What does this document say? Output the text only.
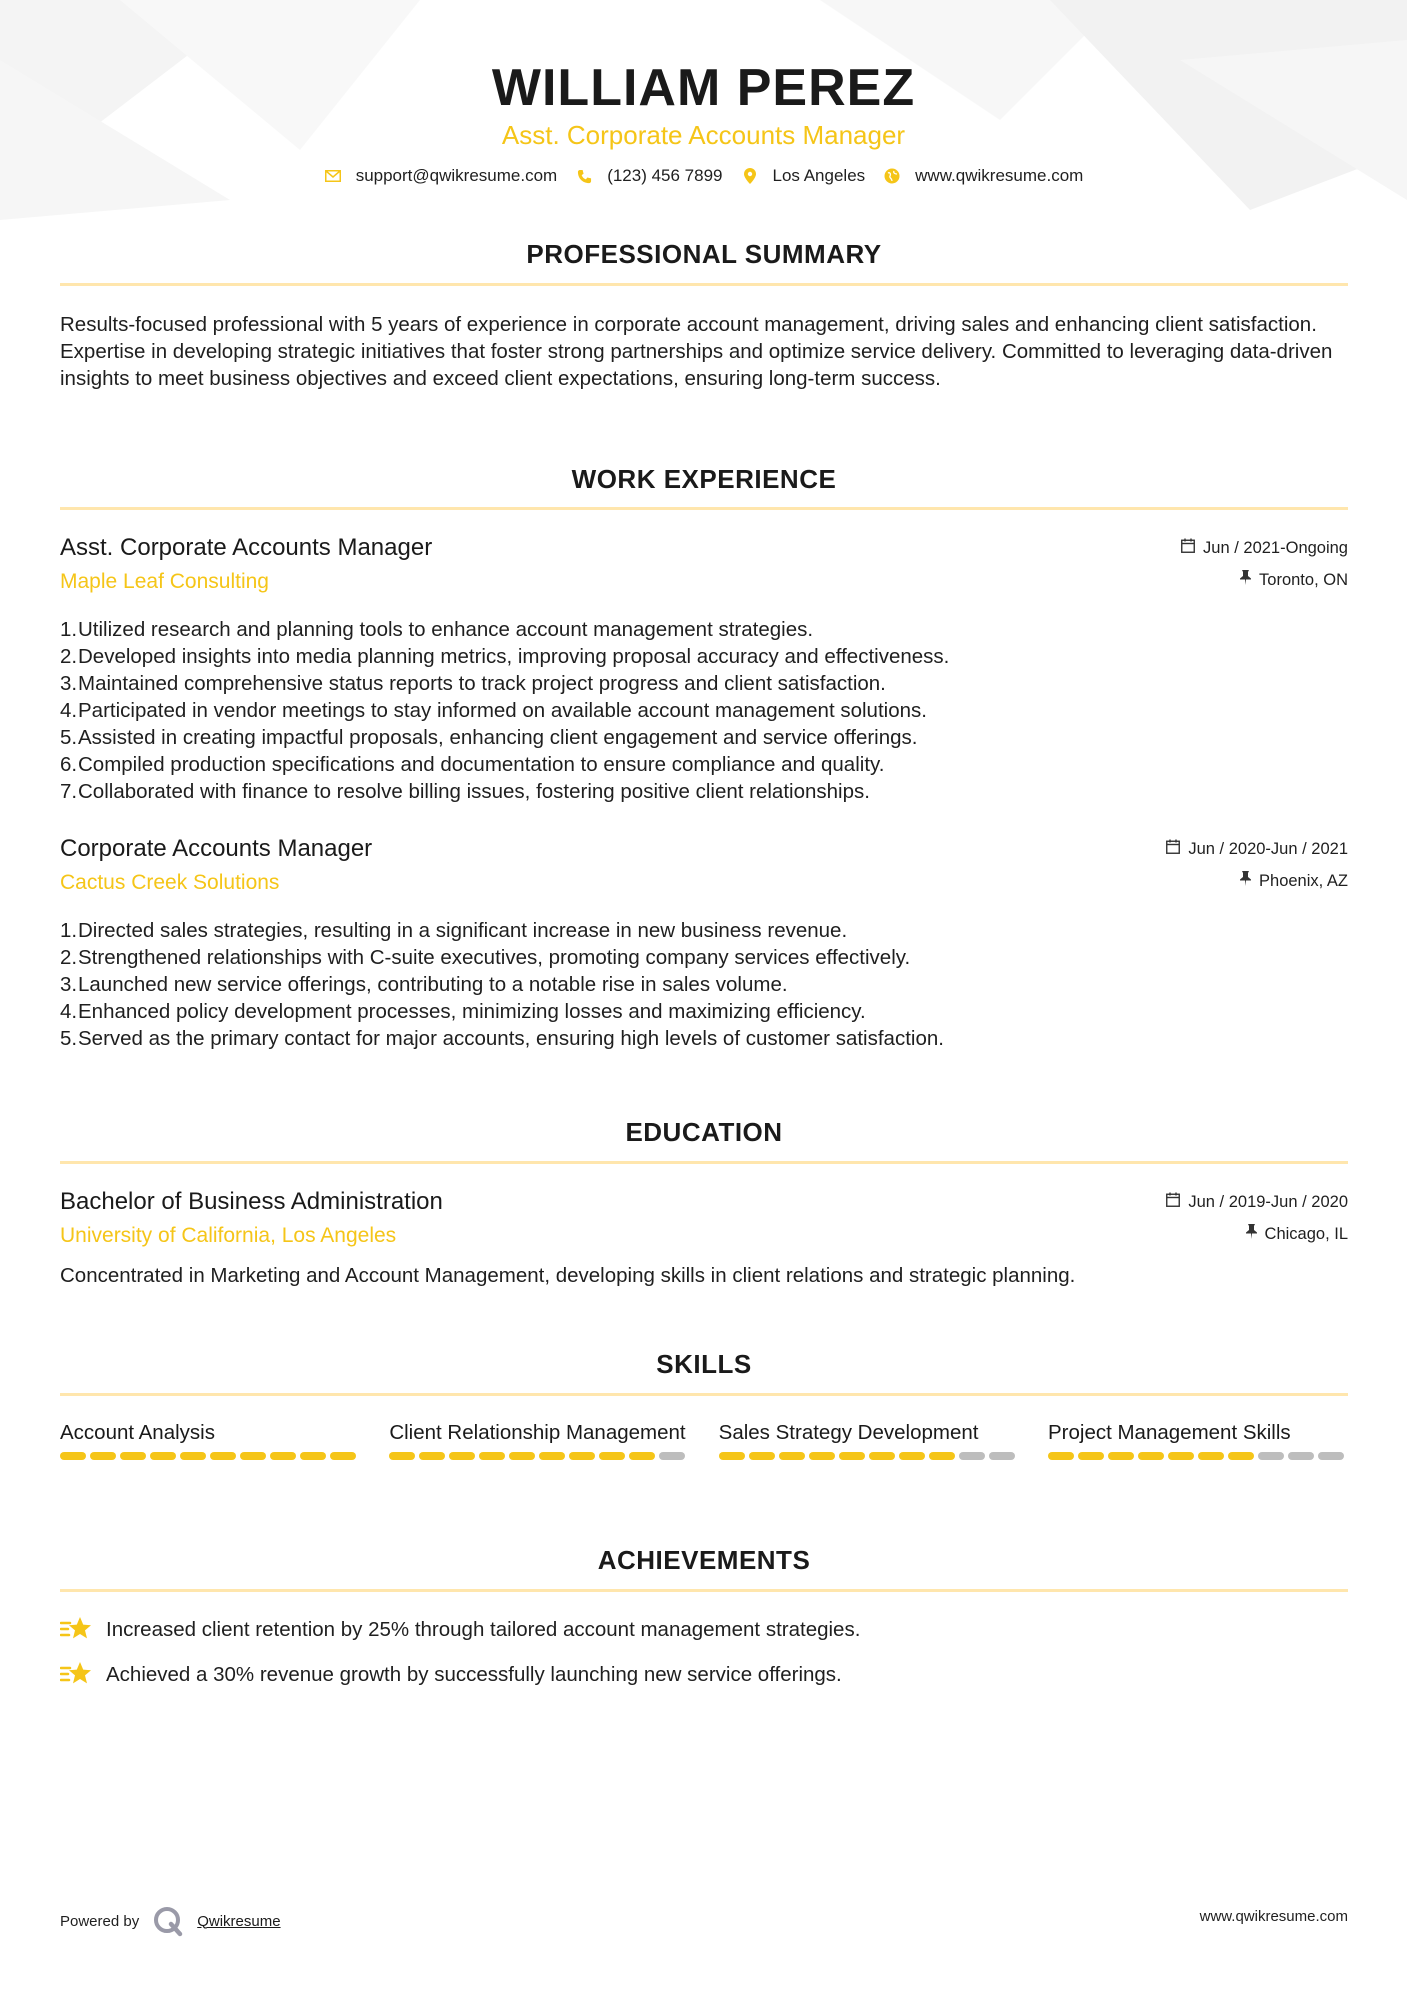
WILLIAM PEREZ
Asst. Corporate Accounts Manager
support@qwikresume.com	(123) 456 7899	Los Angeles	www.qwikresume.com
PROFESSIONAL SUMMARY
Results-focused professional with 5 years of experience in corporate account management, driving sales and enhancing client satisfaction. Expertise in developing strategic initiatives that foster strong partnerships and optimize service delivery. Committed to leveraging data-driven insights to meet business objectives and exceed client expectations, ensuring long-term success.
WORK EXPERIENCE
Asst. Corporate Accounts Manager
Maple Leaf Consulting
Jun / 2021-Ongoing
Toronto, ON
1. Utilized research and planning tools to enhance account management strategies.
2. Developed insights into media planning metrics, improving proposal accuracy and effectiveness.
3. Maintained comprehensive status reports to track project progress and client satisfaction.
4. Participated in vendor meetings to stay informed on available account management solutions.
5. Assisted in creating impactful proposals, enhancing client engagement and service offerings.
6. Compiled production specifications and documentation to ensure compliance and quality.
7. Collaborated with finance to resolve billing issues, fostering positive client relationships.
Corporate Accounts Manager
Cactus Creek Solutions
Jun / 2020-Jun / 2021
Phoenix, AZ
1. Directed sales strategies, resulting in a significant increase in new business revenue.
2. Strengthened relationships with C-suite executives, promoting company services effectively.
3. Launched new service offerings, contributing to a notable rise in sales volume.
4. Enhanced policy development processes, minimizing losses and maximizing efficiency.
5. Served as the primary contact for major accounts, ensuring high levels of customer satisfaction.
EDUCATION
Bachelor of Business Administration
University of California, Los Angeles
Jun / 2019-Jun / 2020
Chicago, IL
Concentrated in Marketing and Account Management, developing skills in client relations and strategic planning.
SKILLS
Account Analysis	Client Relationship Management Sales Strategy Development	Project Management Skills
ACHIEVEMENTS
Increased client retention by 25% through tailored account management strategies.
Achieved a 30% revenue growth by successfully launching new service offerings.
Powered by	Qwikresume	www.qwikresume.com
